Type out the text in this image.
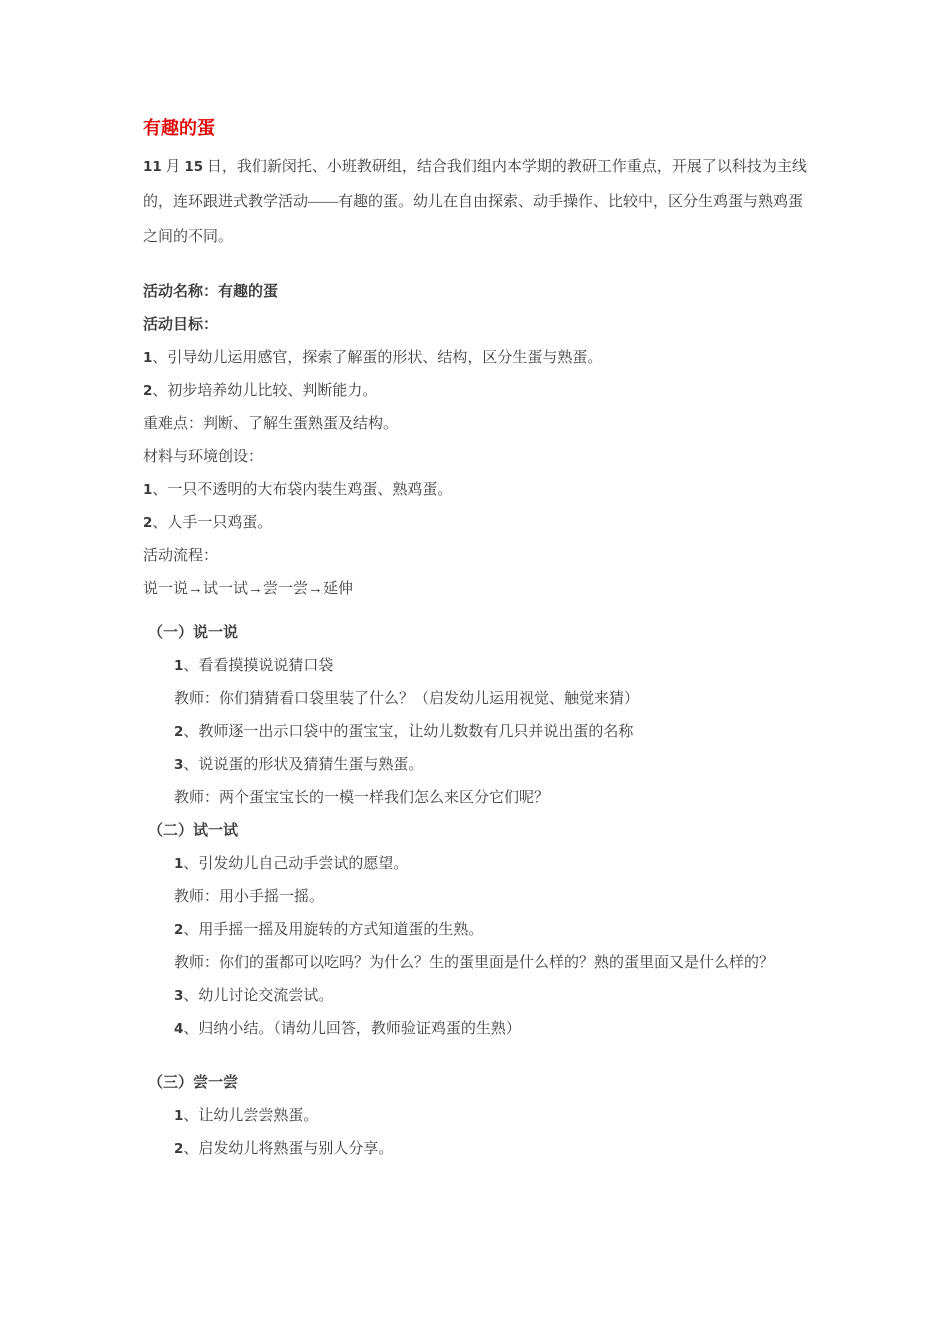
有趣的蛋

11 月 15 日，我们新闵托、小班教研组，结合我们组内本学期的教研工作重点，开展了以科技为主线的，连环跟进式教学活动——有趣的蛋。幼儿在自由探索、动手操作、比较中，区分生鸡蛋与熟鸡蛋之间的不同。

活动名称：有趣的蛋

活动目标：

1、引导幼儿运用感官，探索了解蛋的形状、结构，区分生蛋与熟蛋。

2、初步培养幼儿比较、判断能力。

重难点：判断、了解生蛋熟蛋及结构。

材料与环境创设：

1、一只不透明的大布袋内装生鸡蛋、熟鸡蛋。

2、人手一只鸡蛋。

活动流程：

说一说→试一试→尝一尝→延伸

（一）说一说

1、看看摸摸说说猜口袋

教师：你们猜猜看口袋里装了什么？（启发幼儿运用视觉、触觉来猜）

2、教师逐一出示口袋中的蛋宝宝，让幼儿数数有几只并说出蛋的名称

3、说说蛋的形状及猜猜生蛋与熟蛋。

教师：两个蛋宝宝长的一模一样我们怎么来区分它们呢？

（二）试一试

1、引发幼儿自己动手尝试的愿望。

教师：用小手摇一摇。

2、用手摇一摇及用旋转的方式知道蛋的生熟。

教师：你们的蛋都可以吃吗？为什么？生的蛋里面是什么样的？熟的蛋里面又是什么样的？

3、幼儿讨论交流尝试。

4、归纳小结。（请幼儿回答，教师验证鸡蛋的生熟）

（三）尝一尝

1、让幼儿尝尝熟蛋。

2、启发幼儿将熟蛋与别人分享。
